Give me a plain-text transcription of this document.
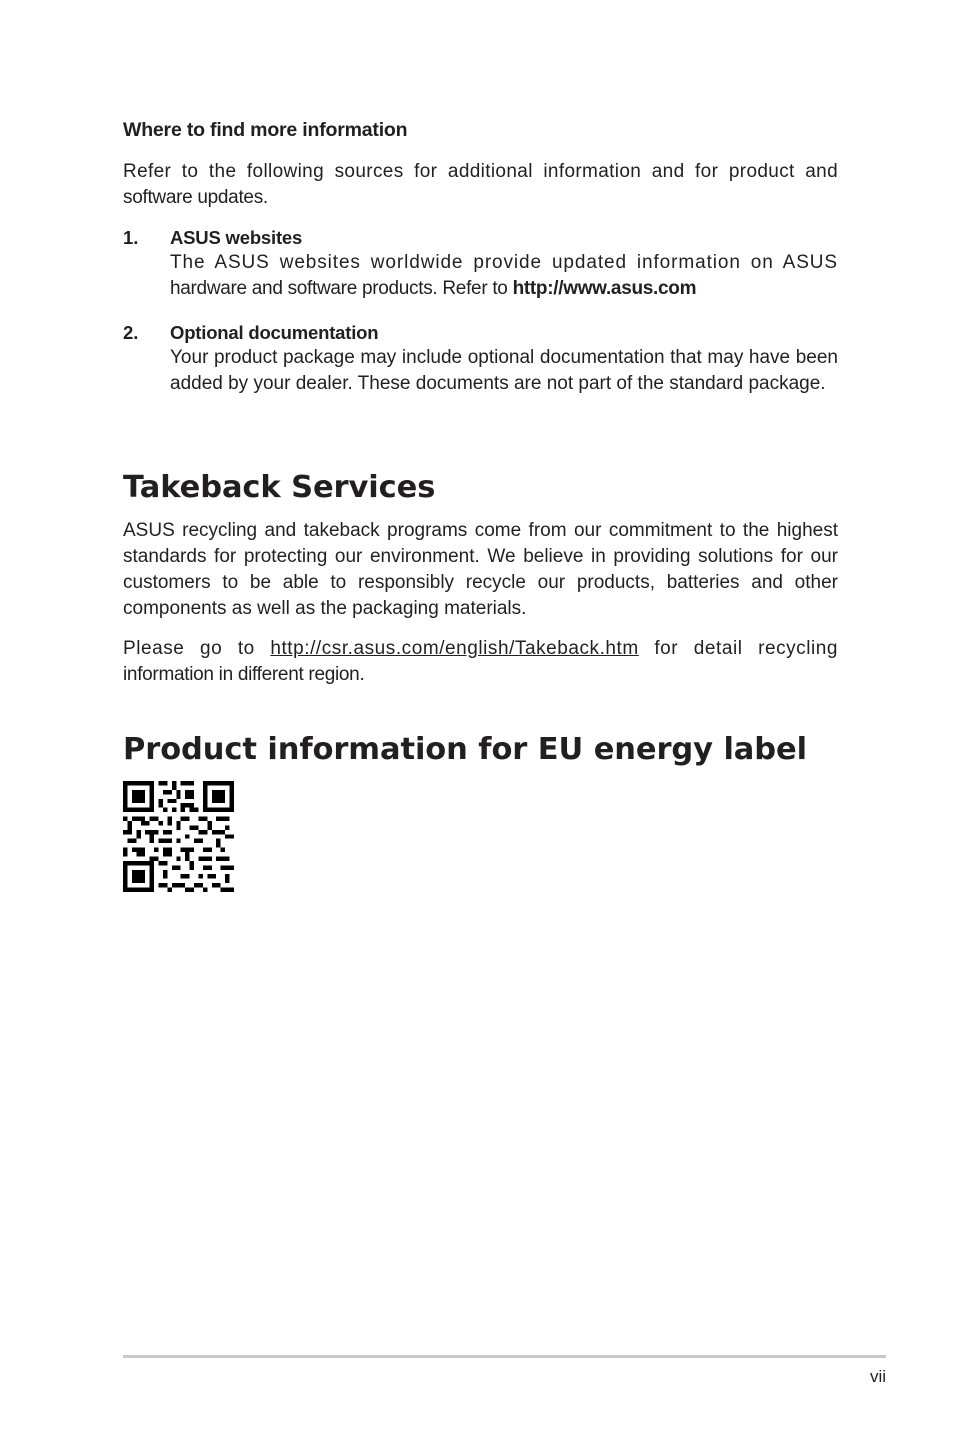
Where to find more information

Refer to the following sources for additional information and for product and
software updates.

1. ASUS websites

The ASUS websites worldwide provide updated information on ASUS
hardware and software products. Refer to http://www.asus.com

2. Optional documentation

Your product package may include optional documentation that may have been added by your dealer. These documents are not part of the standard package.

Takeback Services

ASUS recycling and takeback programs come from our commitment to the highest standards for protecting our environment. We believe in providing solutions for our customers to be able to responsibly recycle our products, batteries and other components as well as the packaging materials.

Please go to http://csr.asus.com/english/Takeback.htm for detail recycling
information in different region.

Product information for EU energy label
vii
